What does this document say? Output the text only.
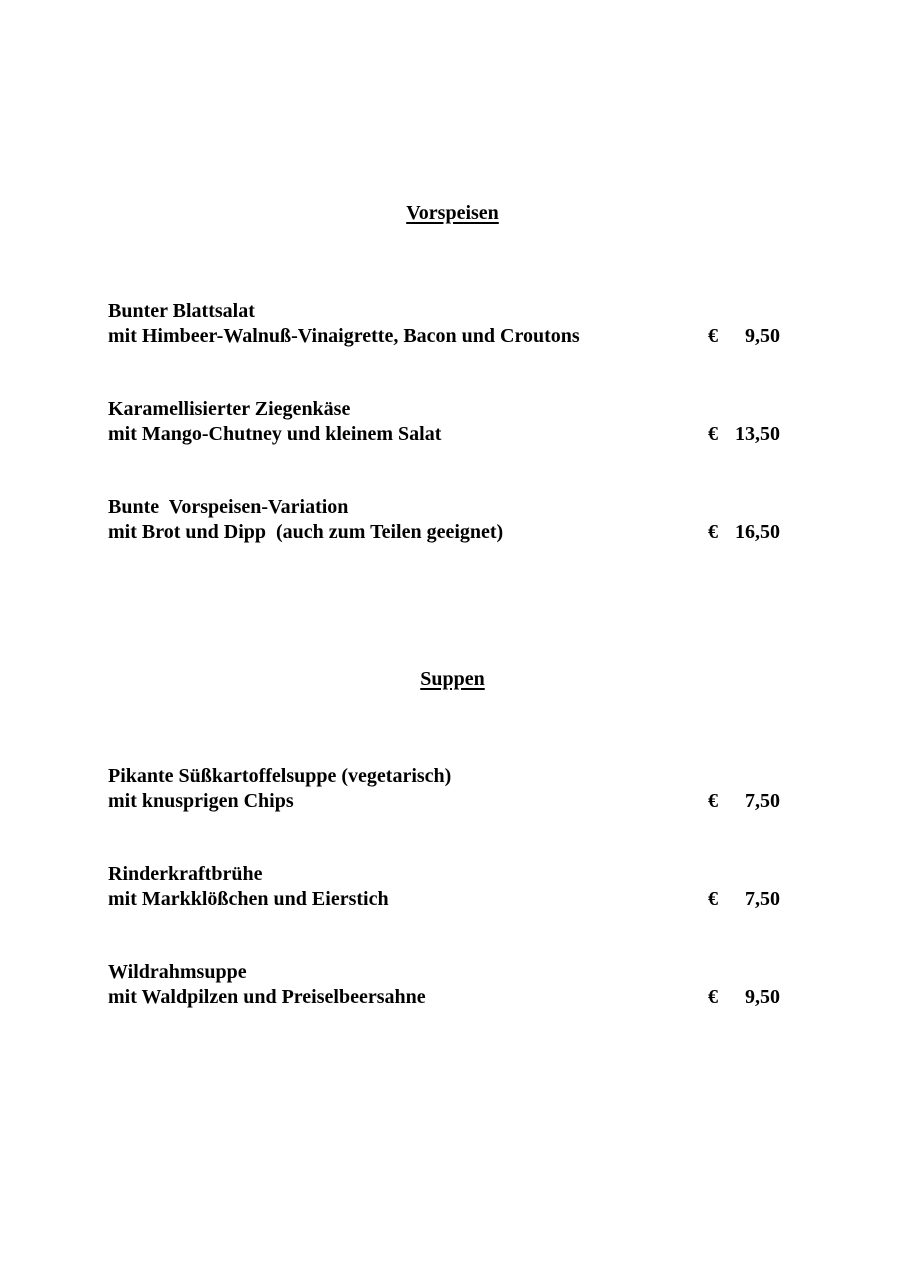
Vorspeisen
Bunter Blattsalat
mit Himbeer-Walnuß-Vinaigrette, Bacon und Croutons	€ 9,50
Karamellisierter Ziegenkäse
mit Mango-Chutney und kleinem Salat	€ 13,50
Bunte  Vorspeisen-Variation
mit Brot und Dipp  (auch zum Teilen geeignet)	€ 16,50
Suppen
Pikante Süßkartoffelsuppe (vegetarisch)
mit knusprigen Chips	€ 7,50
Rinderkraftbrühe
mit Markklößchen und Eierstich	€ 7,50
Wildrahmsuppe
mit Waldpilzen und Preiselbeersahne	€ 9,50
